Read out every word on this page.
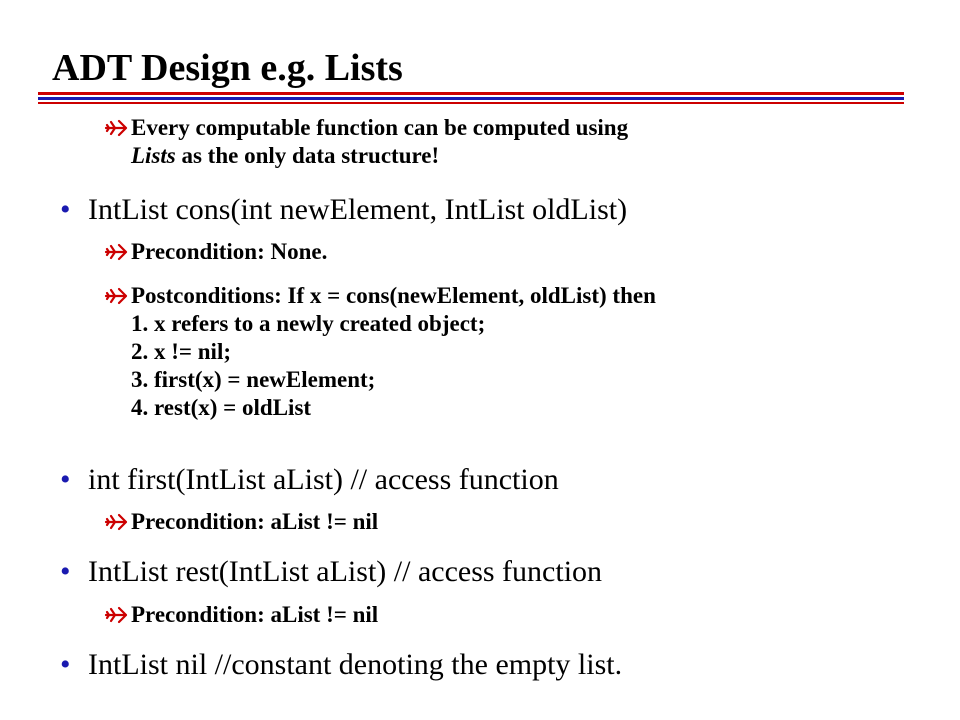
ADT Design e.g. Lists
Every computable function can be computed using
Lists as the only data structure!
• IntList cons(int newElement, IntList oldList)
Precondition: None.
Postconditions: If x = cons(newElement, oldList) then
1. x refers to a newly created object;
2. x != nil;
3. first(x) = newElement;
4. rest(x) = oldList
• int first(IntList aList) // access function
Precondition: aList != nil
• IntList rest(IntList aList) // access function
Precondition: aList != nil
• IntList nil //constant denoting the empty list.
